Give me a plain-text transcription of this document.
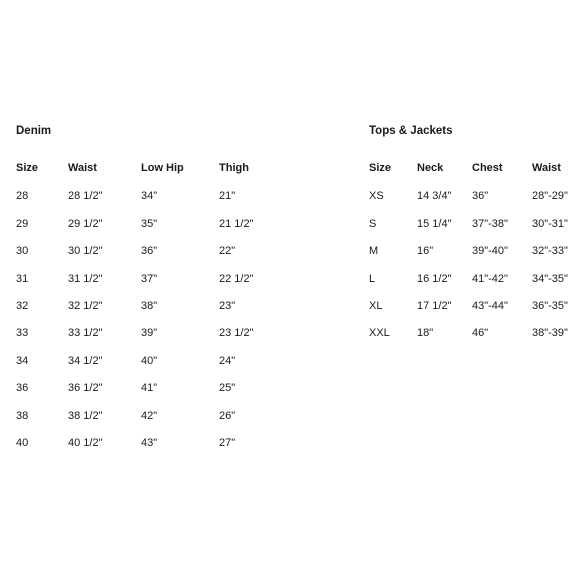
Denim
Size	Waist	Low Hip	Thigh
28	28 1/2"	34"	21"
29	29 1/2"	35"	21 1/2"
30	30 1/2"	36"	22"
31	31 1/2"	37"	22 1/2"
32	32 1/2"	38"	23"
33	33 1/2"	39"	23 1/2"
34	34 1/2"	40"	24"
36	36 1/2"	41"	25"
38	38 1/2"	42"	26"
40	40 1/2"	43"	27"
Tops & Jackets
Size	Neck	Chest	Waist
XS	14 3/4"	36"	28"-29"
S	15 1/4"	37"-38"	30"-31"
M	16"	39"-40"	32"-33"
L	16 1/2"	41"-42"	34"-35"
XL	17 1/2"	43"-44"	36"-35"
XXL	18"	46"	38"-39"
